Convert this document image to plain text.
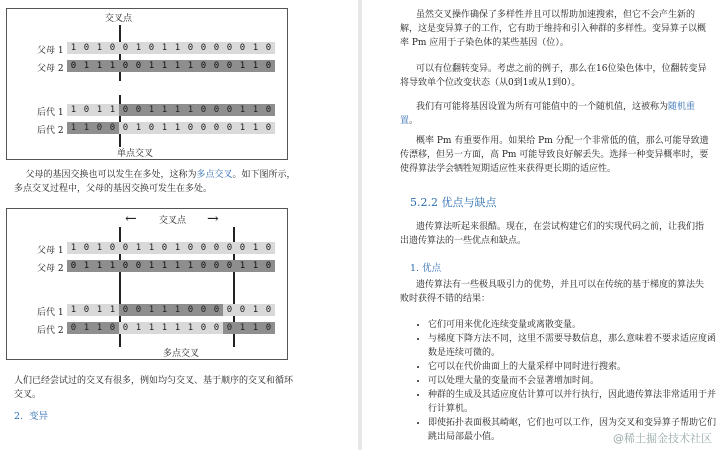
交叉点
父母 1 1 0 1 0 0 1 0 1 1 0 0 0 0 0 1 0
父母 2 0 1 1 1 0 0 1 1 1 1 0 0 0 1 1 0
后代 1 1 0 1 1 0 0 1 1 1 1 0 0 0 1 1 0
后代 2 1 1 0 0 0 1 0 1 1 0 0 0 0 1 1 0
单点交叉
父母的基因交换也可以发生在多处，这称为多点交叉。如下图所示，多点交叉过程中，父母的基因交换可发生在多处。
交叉点
←	→
父母 1 1 0 1 0 0 1 1 0 1 0 0 0 0 0 1 0
父母 2 0 1 1 1 0 0 1 1 1 1 0 0 0 1 1 0
后代 1 1 0 1 1 0 0 1 1 1 0 0 0 0 0 1 0
后代 2 0 1 1 0 0 1 1 1 1 1 0 0 0 1 1 0
多点交叉
人们已经尝试过的交叉有很多，例如均匀交叉、基于顺序的交叉和循环交叉。
2. 变异
虽然交叉操作确保了多样性并且可以帮助加速搜索，但它不会产生新的解，这是变异算子的工作，它有助于维持和引入种群的多样性。变异算子以概率 Pm 应用于子染色体的某些基因（位）。
可以有位翻转变异。考虑之前的例子，那么在16位染色体中，位翻转变异将导致单个位改变状态（从0到1或从1到0）。
我们有可能将基因设置为所有可能值中的一个随机值，这被称为随机重置。
概率 Pm 有重要作用。如果给 Pm 分配一个非常低的值，那么可能导致遗传漂移，但另一方面，高 Pm 可能导致良好解丢失。选择一种变异概率时，要使得算法学会牺牲短期适应性来获得更长期的适应性。
5.2.2 优点与缺点
遗传算法听起来很酷。现在，在尝试构建它们的实现代码之前，让我们指出遗传算法的一些优点和缺点。
1. 优点
遗传算法有一些极具吸引力的优势，并且可以在传统的基于梯度的算法失败时获得不错的结果：
• 它们可用来优化连续变量或离散变量。
• 与梯度下降方法不同，这里不需要导数信息，那么意味着不要求适应度函数是连续可微的。
• 它可以在代价曲面上的大量采样中同时进行搜索。
• 可以处理大量的变量而不会显著增加时间。
• 种群的生成及其适应度估计算可以并行执行，因此遗传算法非常适用于并行计算机。
• 即使拓扑表面极其崎岖，它们也可以工作，因为交叉和变异算子帮助它们跳出局部最小值。	@稀土掘金技术社区
